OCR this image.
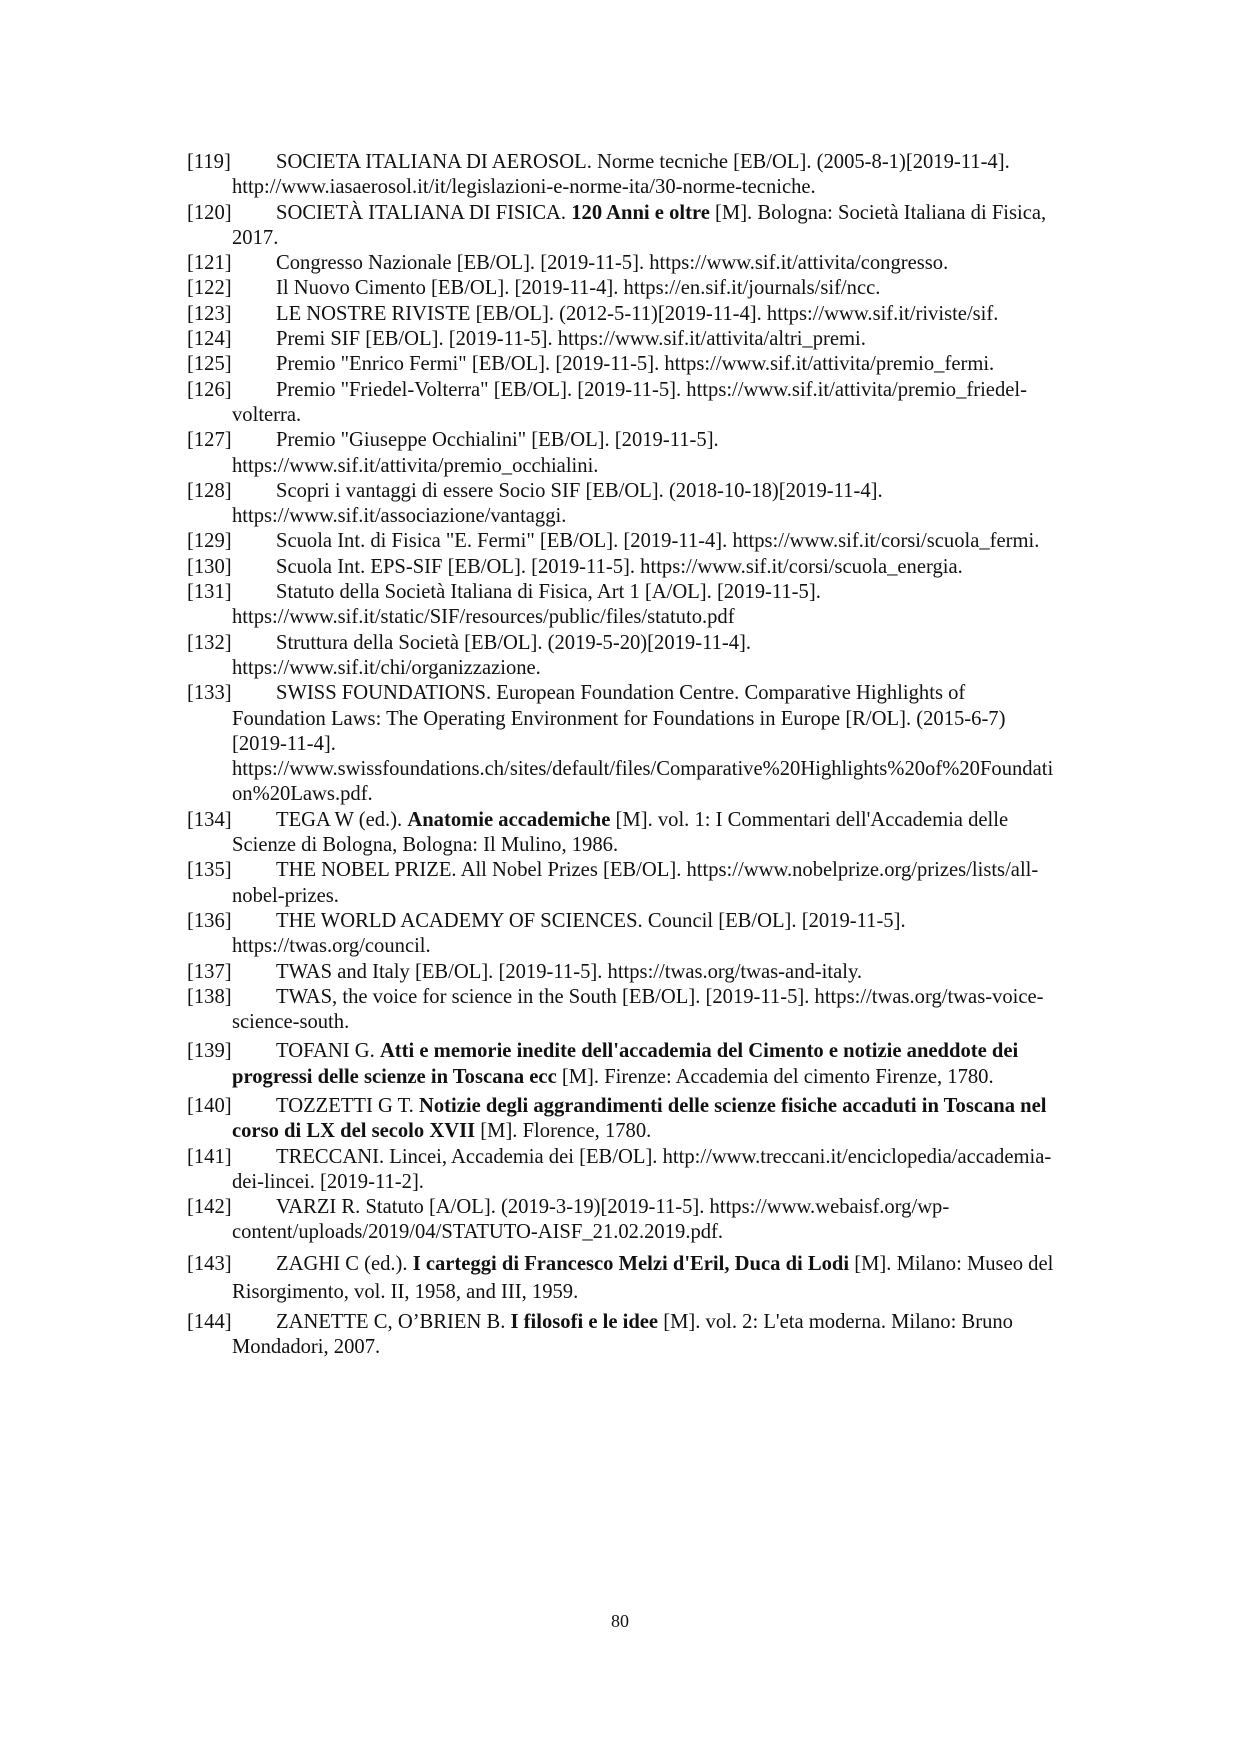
[119] SOCIETA ITALIANA DI AEROSOL. Norme tecniche [EB/OL]. (2005-8-1)[2019-11-4]. http://www.iasaerosol.it/it/legislazioni-e-norme-ita/30-norme-tecniche.
[120] SOCIETÀ ITALIANA DI FISICA. 120 Anni e oltre [M]. Bologna: Società Italiana di Fisica, 2017.
[121] Congresso Nazionale [EB/OL]. [2019-11-5]. https://www.sif.it/attivita/congresso.
[122] Il Nuovo Cimento [EB/OL]. [2019-11-4]. https://en.sif.it/journals/sif/ncc.
[123] LE NOSTRE RIVISTE [EB/OL]. (2012-5-11)[2019-11-4]. https://www.sif.it/riviste/sif.
[124] Premi SIF [EB/OL]. [2019-11-5]. https://www.sif.it/attivita/altri_premi.
[125] Premio "Enrico Fermi" [EB/OL]. [2019-11-5]. https://www.sif.it/attivita/premio_fermi.
[126] Premio "Friedel-Volterra" [EB/OL]. [2019-11-5]. https://www.sif.it/attivita/premio_friedel-volterra.
[127] Premio "Giuseppe Occhialini" [EB/OL]. [2019-11-5]. https://www.sif.it/attivita/premio_occhialini.
[128] Scopri i vantaggi di essere Socio SIF [EB/OL]. (2018-10-18)[2019-11-4]. https://www.sif.it/associazione/vantaggi.
[129] Scuola Int. di Fisica "E. Fermi" [EB/OL]. [2019-11-4]. https://www.sif.it/corsi/scuola_fermi.
[130] Scuola Int. EPS-SIF [EB/OL]. [2019-11-5]. https://www.sif.it/corsi/scuola_energia.
[131] Statuto della Società Italiana di Fisica, Art 1 [A/OL]. [2019-11-5]. https://www.sif.it/static/SIF/resources/public/files/statuto.pdf
[132] Struttura della Società [EB/OL]. (2019-5-20)[2019-11-4]. https://www.sif.it/chi/organizzazione.
[133] SWISS FOUNDATIONS. European Foundation Centre. Comparative Highlights of Foundation Laws: The Operating Environment for Foundations in Europe [R/OL]. (2015-6-7) [2019-11-4]. https://www.swissfoundations.ch/sites/default/files/Comparative%20Highlights%20of%20Foundation%20Laws.pdf.
[134] TEGA W (ed.). Anatomie accademiche [M]. vol. 1: I Commentari dell'Accademia delle Scienze di Bologna, Bologna: Il Mulino, 1986.
[135] THE NOBEL PRIZE. All Nobel Prizes [EB/OL]. https://www.nobelprize.org/prizes/lists/all-nobel-prizes.
[136] THE WORLD ACADEMY OF SCIENCES. Council [EB/OL]. [2019-11-5]. https://twas.org/council.
[137] TWAS and Italy [EB/OL]. [2019-11-5]. https://twas.org/twas-and-italy.
[138] TWAS, the voice for science in the South [EB/OL]. [2019-11-5]. https://twas.org/twas-voice-science-south.
[139] TOFANI G. Atti e memorie inedite dell'accademia del Cimento e notizie aneddote dei progressi delle scienze in Toscana ecc [M]. Firenze: Accademia del cimento Firenze, 1780.
[140] TOZZETTI G T. Notizie degli aggrandimenti delle scienze fisiche accaduti in Toscana nel corso di LX del secolo XVII [M]. Florence, 1780.
[141] TRECCANI. Lincei, Accademia dei [EB/OL]. http://www.treccani.it/enciclopedia/accademia-dei-lincei. [2019-11-2].
[142] VARZI R. Statuto [A/OL]. (2019-3-19)[2019-11-5]. https://www.webaisf.org/wp-content/uploads/2019/04/STATUTO-AISF_21.02.2019.pdf.
[143] ZAGHI C (ed.). I carteggi di Francesco Melzi d'Eril, Duca di Lodi [M]. Milano: Museo del Risorgimento, vol. II, 1958, and III, 1959.
[144] ZANETTE C, O’BRIEN B. I filosofi e le idee [M]. vol. 2: L'eta moderna. Milano: Bruno Mondadori, 2007.
80
